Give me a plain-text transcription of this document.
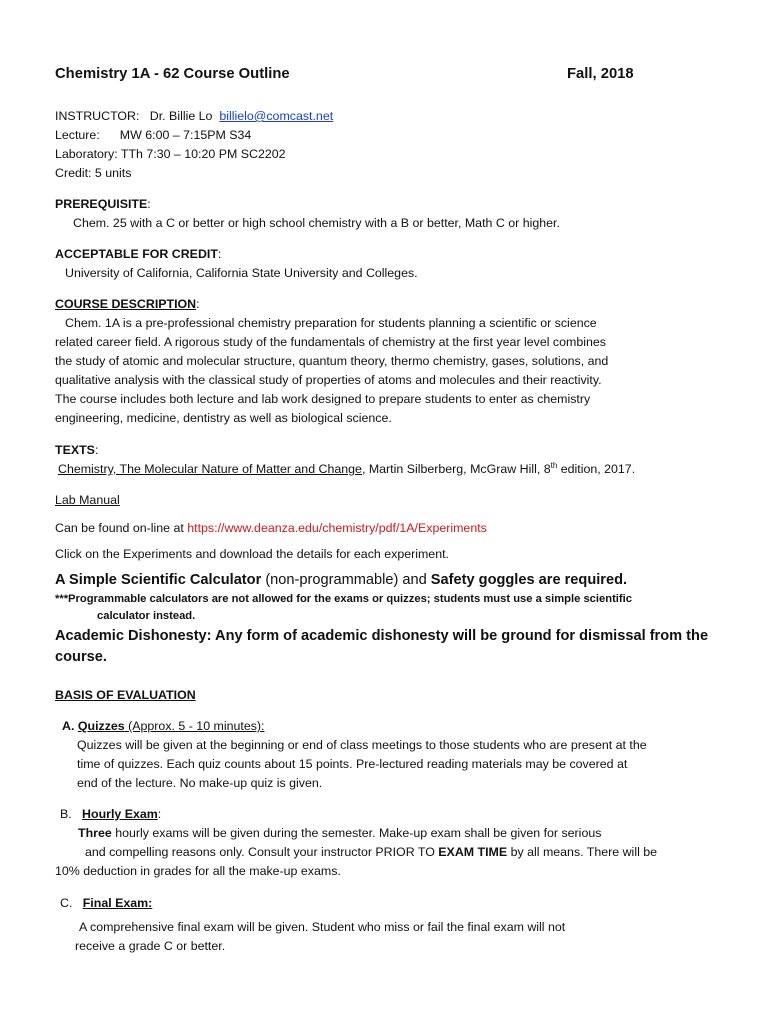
Chemistry 1A - 62 Course Outline	Fall, 2018
INSTRUCTOR: Dr. Billie Lo billielo@comcast.net
Lecture: MW 6:00 – 7:15PM S34
Laboratory: TTh 7:30 – 10:20 PM SC2202
Credit: 5 units
PREREQUISITE:
Chem. 25 with a C or better or high school chemistry with a B or better, Math C or higher.
ACCEPTABLE FOR CREDIT:
University of California, California State University and Colleges.
COURSE DESCRIPTION:
Chem. 1A is a pre-professional chemistry preparation for students planning a scientific or science
related career field. A rigorous study of the fundamentals of chemistry at the first year level combines
the study of atomic and molecular structure, quantum theory, thermo chemistry, gases, solutions, and
qualitative analysis with the classical study of properties of atoms and molecules and their reactivity.
The course includes both lecture and lab work designed to prepare students to enter as chemistry
engineering, medicine, dentistry as well as biological science.
TEXTS:
Chemistry, The Molecular Nature of Matter and Change, Martin Silberberg, McGraw Hill, 8th edition, 2017.
Lab Manual
Can be found on-line at https://www.deanza.edu/chemistry/pdf/1A/Experiments
Click on the Experiments and download the details for each experiment.
A Simple Scientific Calculator (non-programmable) and Safety goggles are required.
***Programmable calculators are not allowed for the exams or quizzes; students must use a simple scientific
calculator instead.
Academic Dishonesty: Any form of academic dishonesty will be ground for dismissal from the
course.
BASIS OF EVALUATION
A. Quizzes (Approx. 5 - 10 minutes):
Quizzes will be given at the beginning or end of class meetings to those students who are present at the
time of quizzes. Each quiz counts about 15 points. Pre-lectured reading materials may be covered at
end of the lecture. No make-up quiz is given.
B. Hourly Exam:
Three hourly exams will be given during the semester. Make-up exam shall be given for serious
and compelling reasons only. Consult your instructor PRIOR TO EXAM TIME by all means. There will be
10% deduction in grades for all the make-up exams.
C. Final Exam:
A comprehensive final exam will be given. Student who miss or fail the final exam will not
receive a grade C or better.
